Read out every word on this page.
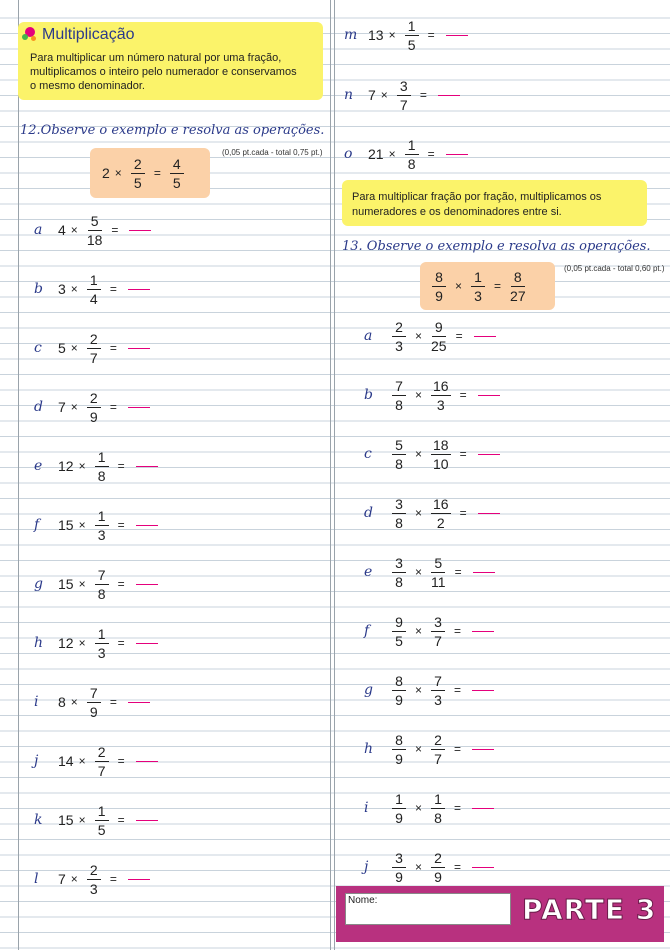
Multiplicação
Para multiplicar um número natural por uma fração,
multiplicamos o inteiro pelo numerador e conservamos
o mesmo denominador.
12.Observe o exemplo e resolva as operações.
(0,05 pt.cada - total 0,75 pt.)
$2 \times \frac{2}{5} = \frac{4}{5}$
a	$4 \times \frac{5}{18}$ =
b	$3 \times \frac{1}{4}$ =
c	$5 \times \frac{2}{7}$ =
d	$7 \times \frac{2}{9}$ =
e	$12 \times \frac{1}{8}$ =
f	$15 \times \frac{1}{3}$ =
g	$15 \times \frac{7}{8}$ =
h	$12 \times \frac{1}{3}$ =
i	$8 \times \frac{7}{9}$ =
j	$14 \times \frac{2}{7}$ =
k	$15 \times \frac{1}{5}$ =
l	$7 \times \frac{2}{3}$ =
m $13 \times \frac{1}{5}$ =
n	$7 \times \frac{3}{7}$ =
o	$21 \times \frac{1}{8}$ =
Para multiplicar fração por fração, multiplicamos os
numeradores e os denominadores entre si.
13. Observe o exemplo e resolva as operações.
(0,05 pt.cada - total 0,60 pt.)
$\frac{8}{9} \times \frac{1}{3} = \frac{8}{27}$
a	$\frac{2}{3} \times \frac{9}{25}$ =
b	$\frac{7}{8} \times \frac{16}{3}$ =
c	$\frac{5}{8} \times \frac{18}{10}$ =
d	$\frac{3}{8} \times \frac{16}{2}$ =
e	$\frac{3}{8} \times \frac{5}{11}$ =
f	$\frac{9}{5} \times \frac{3}{7}$ =
g	$\frac{8}{9} \times \frac{7}{3}$ =
h	$\frac{8}{9} \times \frac{2}{7}$ =
i	$\frac{1}{9} \times \frac{1}{8}$ =
j	$\frac{3}{9} \times \frac{2}{9}$ =
Nome:	PARTE 3
